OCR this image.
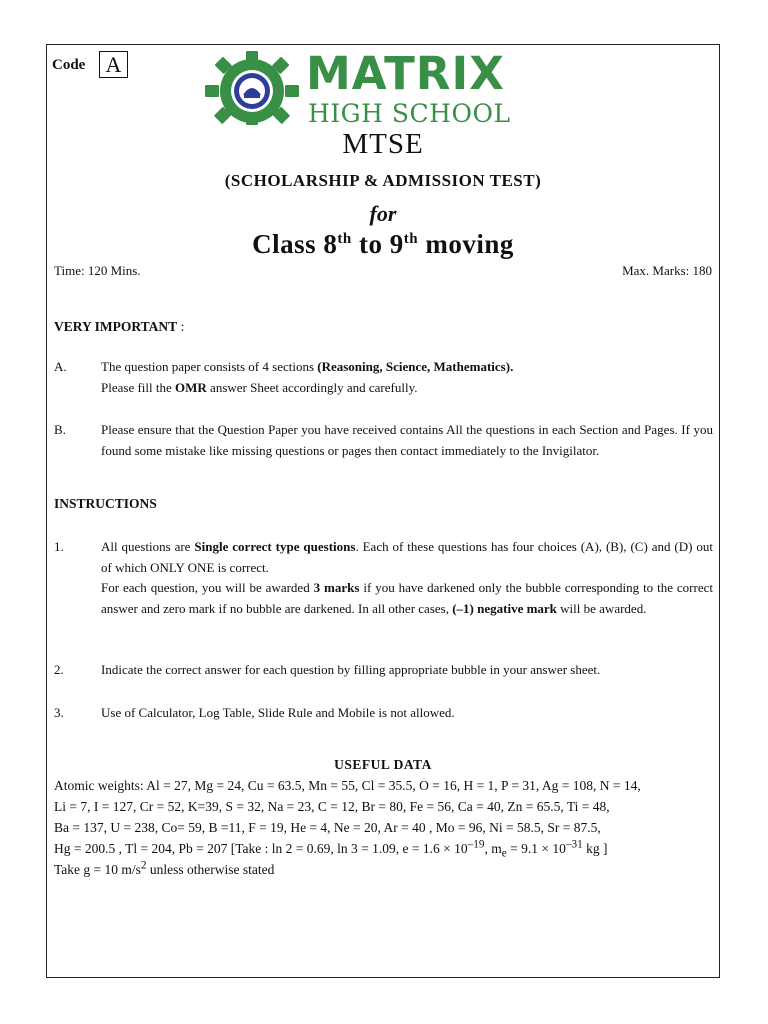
Code A	MATRIX
HIGH SCHOOL
MTSE
(SCHOLARSHIP & ADMISSION TEST)
for
Class 8th to 9th moving
Time: 120 Mins.	Max. Marks: 180
VERY IMPORTANT :
A.	The question paper consists of 4 sections (Reasoning, Science, Mathematics).
Please fill the OMR answer Sheet accordingly and carefully.
B.	Please ensure that the Question Paper you have received contains All the questions in each Section and Pages. If you found some mistake like missing questions or pages then contact immediately to the Invigilator.
INSTRUCTIONS
1.	All questions are Single correct type questions. Each of these questions has four choices (A), (B), (C) and (D) out of which ONLY ONE is correct.
For each question, you will be awarded 3 marks if you have darkened only the bubble corresponding to the correct answer and zero mark if no bubble are darkened. In all other cases, (–1) negative mark will be awarded.
2.	Indicate the correct answer for each question by filling appropriate bubble in your answer sheet.
3.	Use of Calculator, Log Table, Slide Rule and Mobile is not allowed.
USEFUL DATA
Atomic weights: Al = 27, Mg = 24, Cu = 63.5, Mn = 55, Cl = 35.5, O = 16, H = 1, P = 31, Ag = 108, N = 14,
Li = 7, I = 127, Cr = 52, K=39, S = 32, Na = 23, C = 12, Br = 80, Fe = 56, Ca = 40, Zn = 65.5, Ti = 48,
Ba = 137, U = 238, Co= 59, B =11, F = 19, He = 4, Ne = 20, Ar = 40 , Mo = 96, Ni = 58.5, Sr = 87.5,
Hg = 200.5 , Tl = 204, Pb = 207 [Take : ln 2 = 0.69, ln 3 = 1.09, $e = 1.6 \times 10^{-19}$, $m_e = 9.1 \times 10^{-31}$ kg ]
Take g = 10 $m/s^2$ unless otherwise stated
